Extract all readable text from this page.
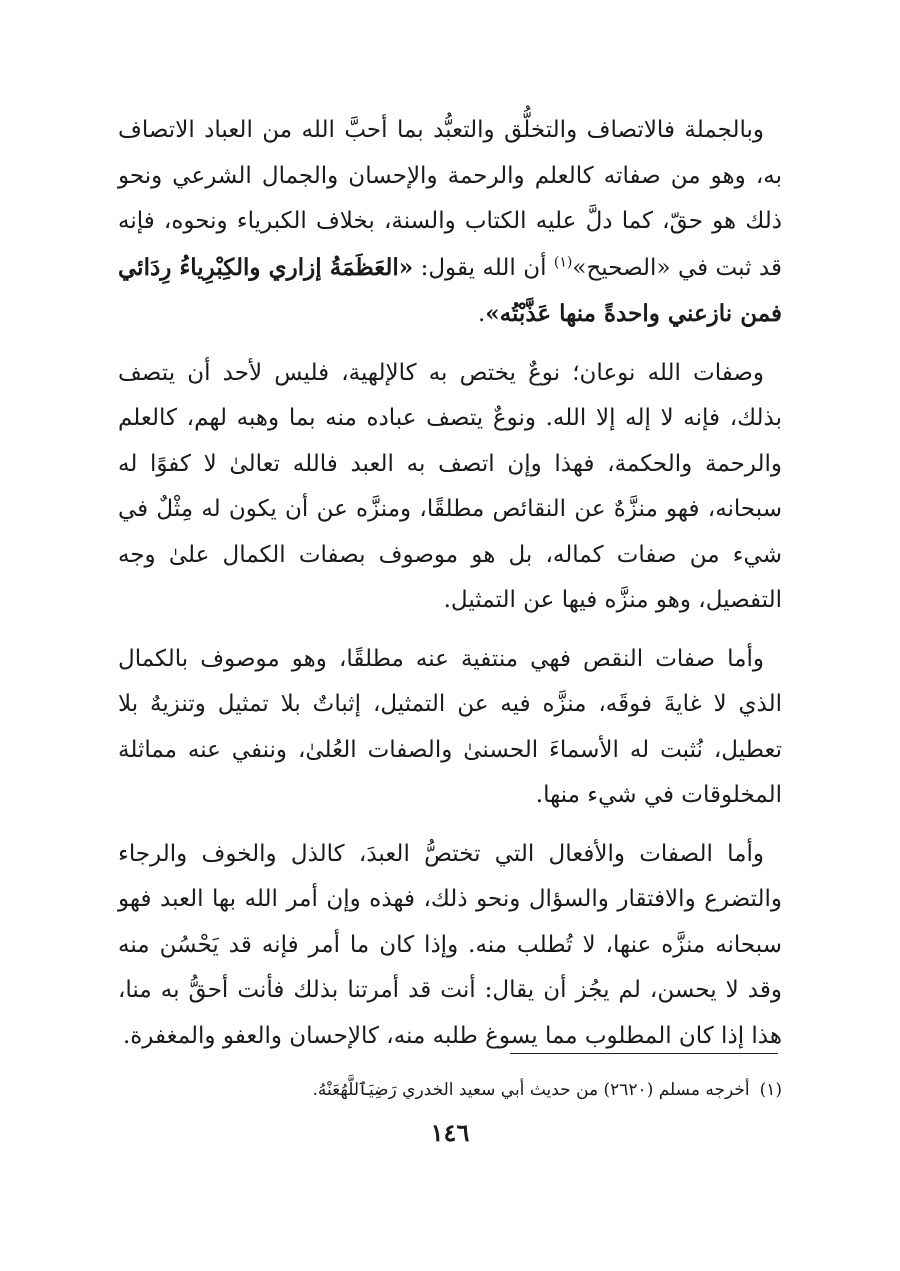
وبالجملة فالاتصاف والتخلُّق والتعبُّد بما أحبَّ الله من العباد الاتصاف به، وهو من صفاته كالعلم والرحمة والإحسان والجمال الشرعي ونحو ذلك هو حقّ، كما دلَّ عليه الكتاب والسنة، بخلاف الكبرياء ونحوه، فإنه قد ثبت في «الصحيح»$^{(١)}$ أن الله يقول: «العَظَمَةُ إزاري والكِبْرِياءُ رِدَائي فمن نازعني واحدةً منها عَذَّبْتُه».

وصفات الله نوعان؛ نوعٌ يختص به كالإلهية، فليس لأحد أن يتصف بذلك، فإنه لا إله إلا الله. ونوعٌ يتصف عباده منه بما وهبه لهم، كالعلم والرحمة والحكمة، فهذا وإن اتصف به العبد فالله تعالىٰ لا كفوًا له سبحانه، فهو منزَّهٌ عن النقائص مطلقًا، ومنزَّه عن أن يكون له مِثْلٌ في شيء من صفات كماله، بل هو موصوف بصفات الكمال علىٰ وجه التفصيل، وهو منزَّه فيها عن التمثيل.

وأما صفات النقص فهي منتفية عنه مطلقًا، وهو موصوف بالكمال الذي لا غايةَ فوقَه، منزَّه فيه عن التمثيل، إثباتٌ بلا تمثيل وتنزيهٌ بلا تعطيل، نُثبت له الأسماءَ الحسنىٰ والصفات العُلىٰ، وننفي عنه مماثلة المخلوقات في شيء منها.

وأما الصفات والأفعال التي تختصُّ العبدَ، كالذل والخوف والرجاء والتضرع والافتقار والسؤال ونحو ذلك، فهذه وإن أمر الله بها العبد فهو سبحانه منزَّه عنها، لا تُطلب منه. وإذا كان ما أمر فإنه قد يَحْسُن منه وقد لا يحسن، لم يجُز أن يقال: أنت قد أمرتنا بذلك فأنت أحقُّ به منا، هذا إذا كان المطلوب مما يسوغ طلبه منه، كالإحسان والعفو والمغفرة.

(١)أخرجه مسلم (٢٦٢٠) من حديث أبي سعيد الخدري رَضِيَٱللَّهُعَنْهُ.
١٤٦
